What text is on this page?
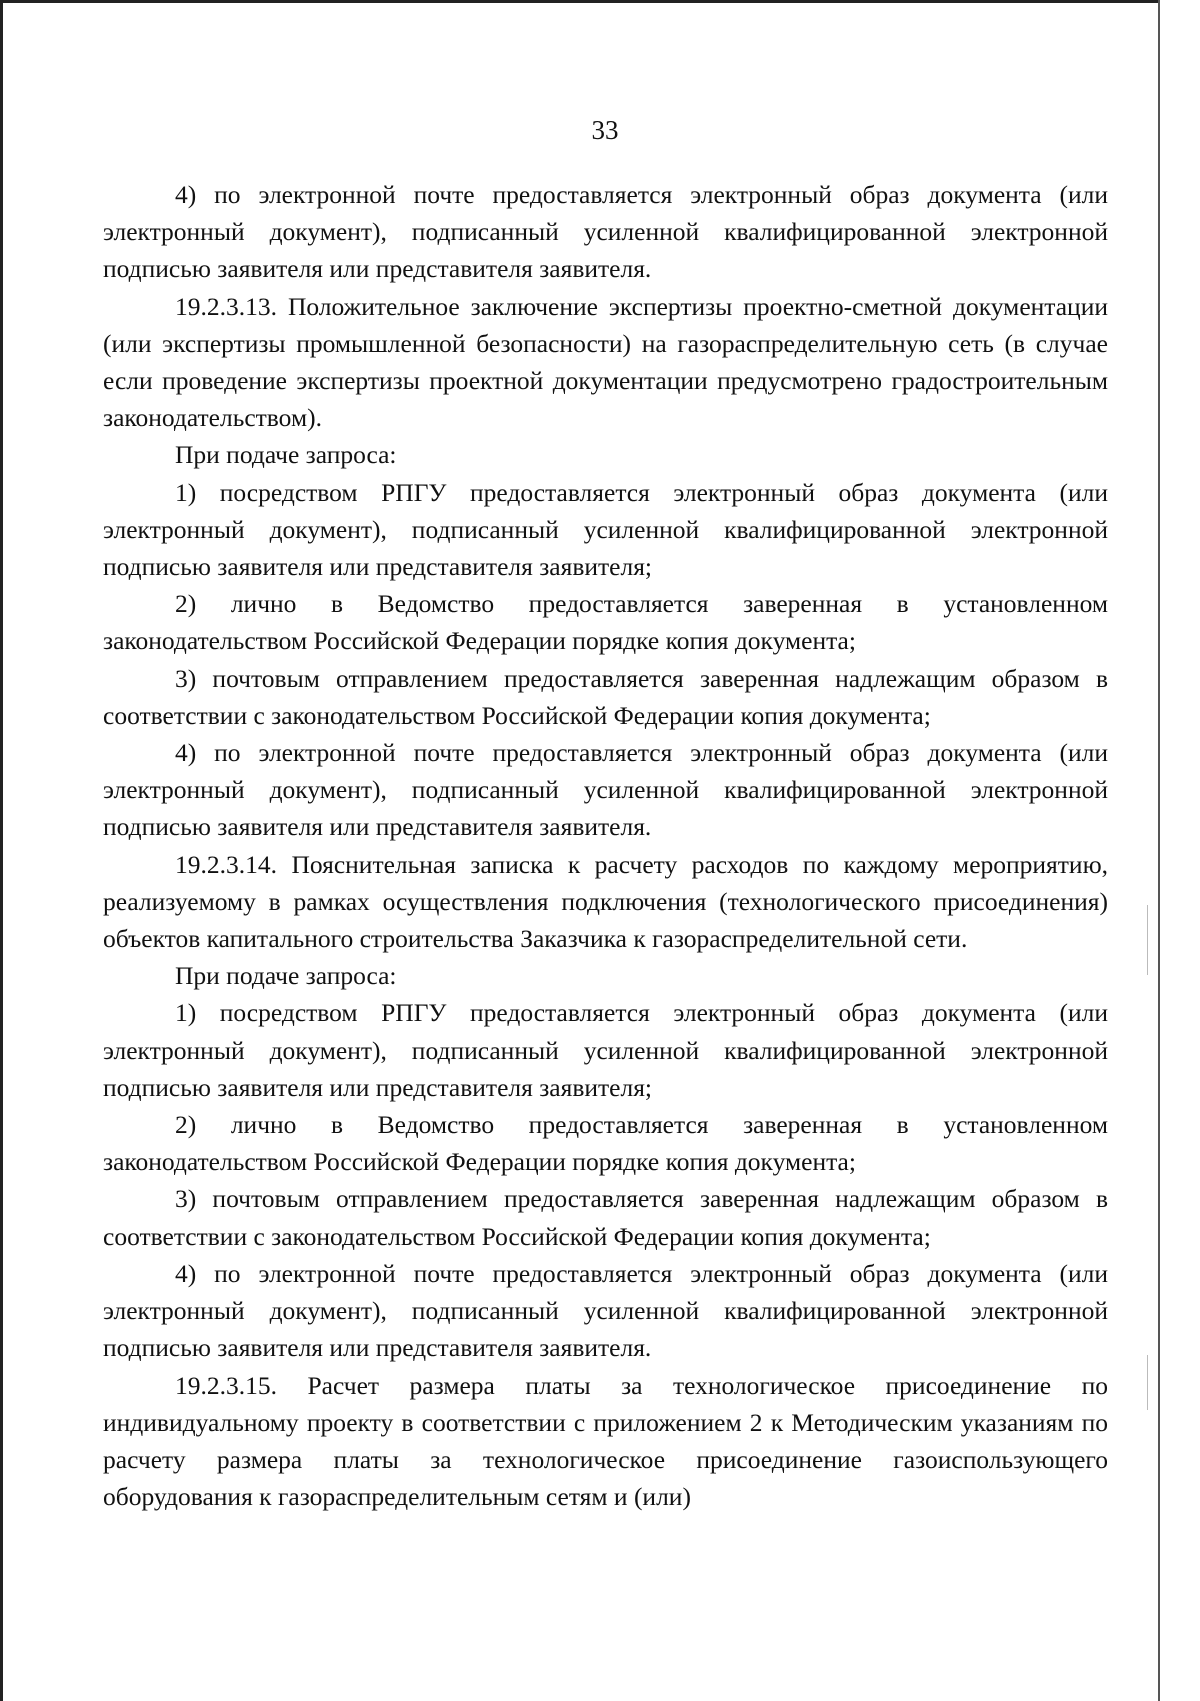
33

4) по электронной почте предоставляется электронный образ документа (или электронный документ), подписанный усиленной квалифицированной электронной подписью заявителя или представителя заявителя.

19.2.3.13. Положительное заключение экспертизы проектно-сметной документации (или экспертизы промышленной безопасности) на газораспределительную сеть (в случае если проведение экспертизы проектной документации предусмотрено градостроительным законодательством).

При подаче запроса:

1) посредством РПГУ предоставляется электронный образ документа (или электронный документ), подписанный усиленной квалифицированной электронной подписью заявителя или представителя заявителя;

2) лично в Ведомство предоставляется заверенная в установленном законодательством Российской Федерации порядке копия документа;

3) почтовым отправлением предоставляется заверенная надлежащим образом в соответствии с законодательством Российской Федерации копия документа;

4) по электронной почте предоставляется электронный образ документа (или электронный документ), подписанный усиленной квалифицированной электронной подписью заявителя или представителя заявителя.

19.2.3.14. Пояснительная записка к расчету расходов по каждому мероприятию, реализуемому в рамках осуществления подключения (технологического присоединения) объектов капитального строительства Заказчика к газораспределительной сети.

При подаче запроса:

1) посредством РПГУ предоставляется электронный образ документа (или электронный документ), подписанный усиленной квалифицированной электронной подписью заявителя или представителя заявителя;

2) лично в Ведомство предоставляется заверенная в установленном законодательством Российской Федерации порядке копия документа;

3) почтовым отправлением предоставляется заверенная надлежащим образом в соответствии с законодательством Российской Федерации копия документа;

4) по электронной почте предоставляется электронный образ документа (или электронный документ), подписанный усиленной квалифицированной электронной подписью заявителя или представителя заявителя.

19.2.3.15. Расчет размера платы за технологическое присоединение по индивидуальному проекту в соответствии с приложением 2 к Методическим указаниям по расчету размера платы за технологическое присоединение газоиспользующего оборудования к газораспределительным сетям и (или)
